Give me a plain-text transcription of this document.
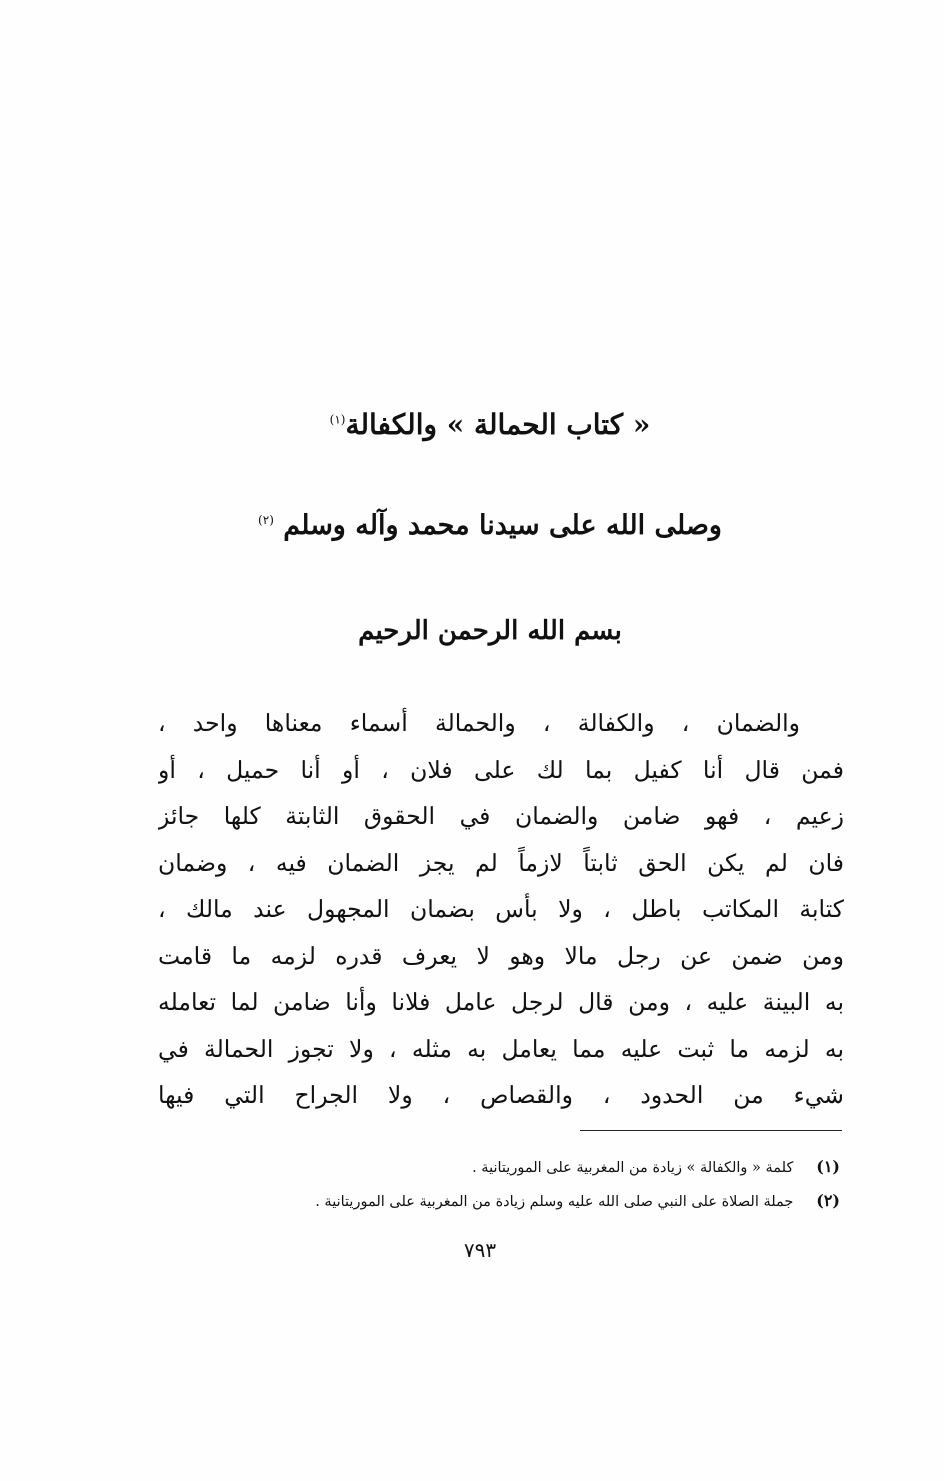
« كتاب الحمالة » والكفالة$^{(١)}$
وصلى الله على سيدنا محمد وآله وسلم $^{(٢)}$
بسم الله الرحمن الرحيم
والضمان ، والكفالة ، والحمالة أسماء معناها واحد ،
فمن قال أنا كفيل بما لك على فلان ، أو أنا حميل ، أو
زعيم ، فهو ضامن والضمان في الحقوق الثابتة كلها جائز
فان لم يكن الحق ثابتاً لازماً لم يجز الضمان فيه ، وضمان
كتابة المكاتب باطل ، ولا بأس بضمان المجهول عند مالك ،
ومن ضمن عن رجل مالا وهو لا يعرف قدره لزمه ما قامت
به البينة عليه ، ومن قال لرجل عامل فلانا وأنا ضامن لما تعامله
به لزمه ما ثبت عليه مما يعامل به مثله ، ولا تجوز الحمالة في
شيء من الحدود ، والقصاص ، ولا الجراح التي فيها
(١) كلمة « والكفالة » زيادة من المغربية على الموريتانية .
(٢) جملة الصلاة على النبي صلى الله عليه وسلم زيادة من المغربية على الموريتانية .
٧٩٣
